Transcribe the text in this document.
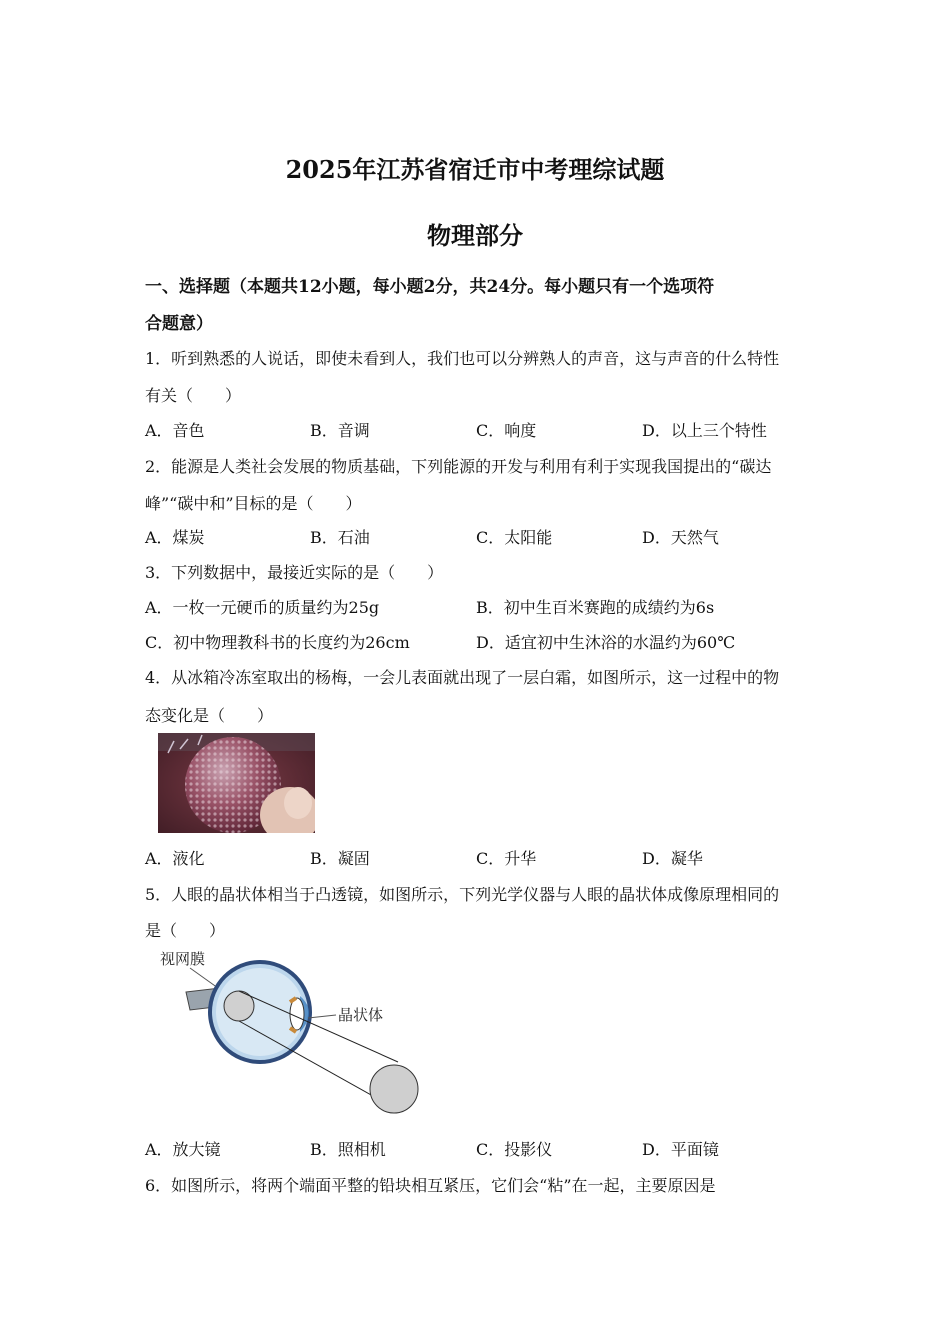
2025年江苏省宿迁市中考理综试题
物理部分
一、选择题（本题共12小题，每小题2分，共24分。每小题只有一个选项符
合题意）
1．听到熟悉的人说话，即使未看到人，我们也可以分辨熟人的声音，这与声音的什么特性
有关（　　）
A．音色	B．音调	C．响度	D．以上三个特性
2．能源是人类社会发展的物质基础，下列能源的开发与利用有利于实现我国提出的“碳达
峰”“碳中和”目标的是（　　）
A．煤炭	B．石油	C．太阳能	D．天然气
3．下列数据中，最接近实际的是（　　）
A．一枚一元硬币的质量约为25g	B．初中生百米赛跑的成绩约为6s
C．初中物理教科书的长度约为26cm	D．适宜初中生沐浴的水温约为60℃
4．从冰箱冷冻室取出的杨梅，一会儿表面就出现了一层白霜，如图所示，这一过程中的物
态变化是（　　）
A．液化	B．凝固	C．升华	D．凝华
5．人眼的晶状体相当于凸透镜，如图所示，下列光学仪器与人眼的晶状体成像原理相同的
是（　　）
视网膜
晶状体
A．放大镜	B．照相机	C．投影仪	D．平面镜
6．如图所示，将两个端面平整的铅块相互紧压，它们会“粘”在一起，主要原因是
